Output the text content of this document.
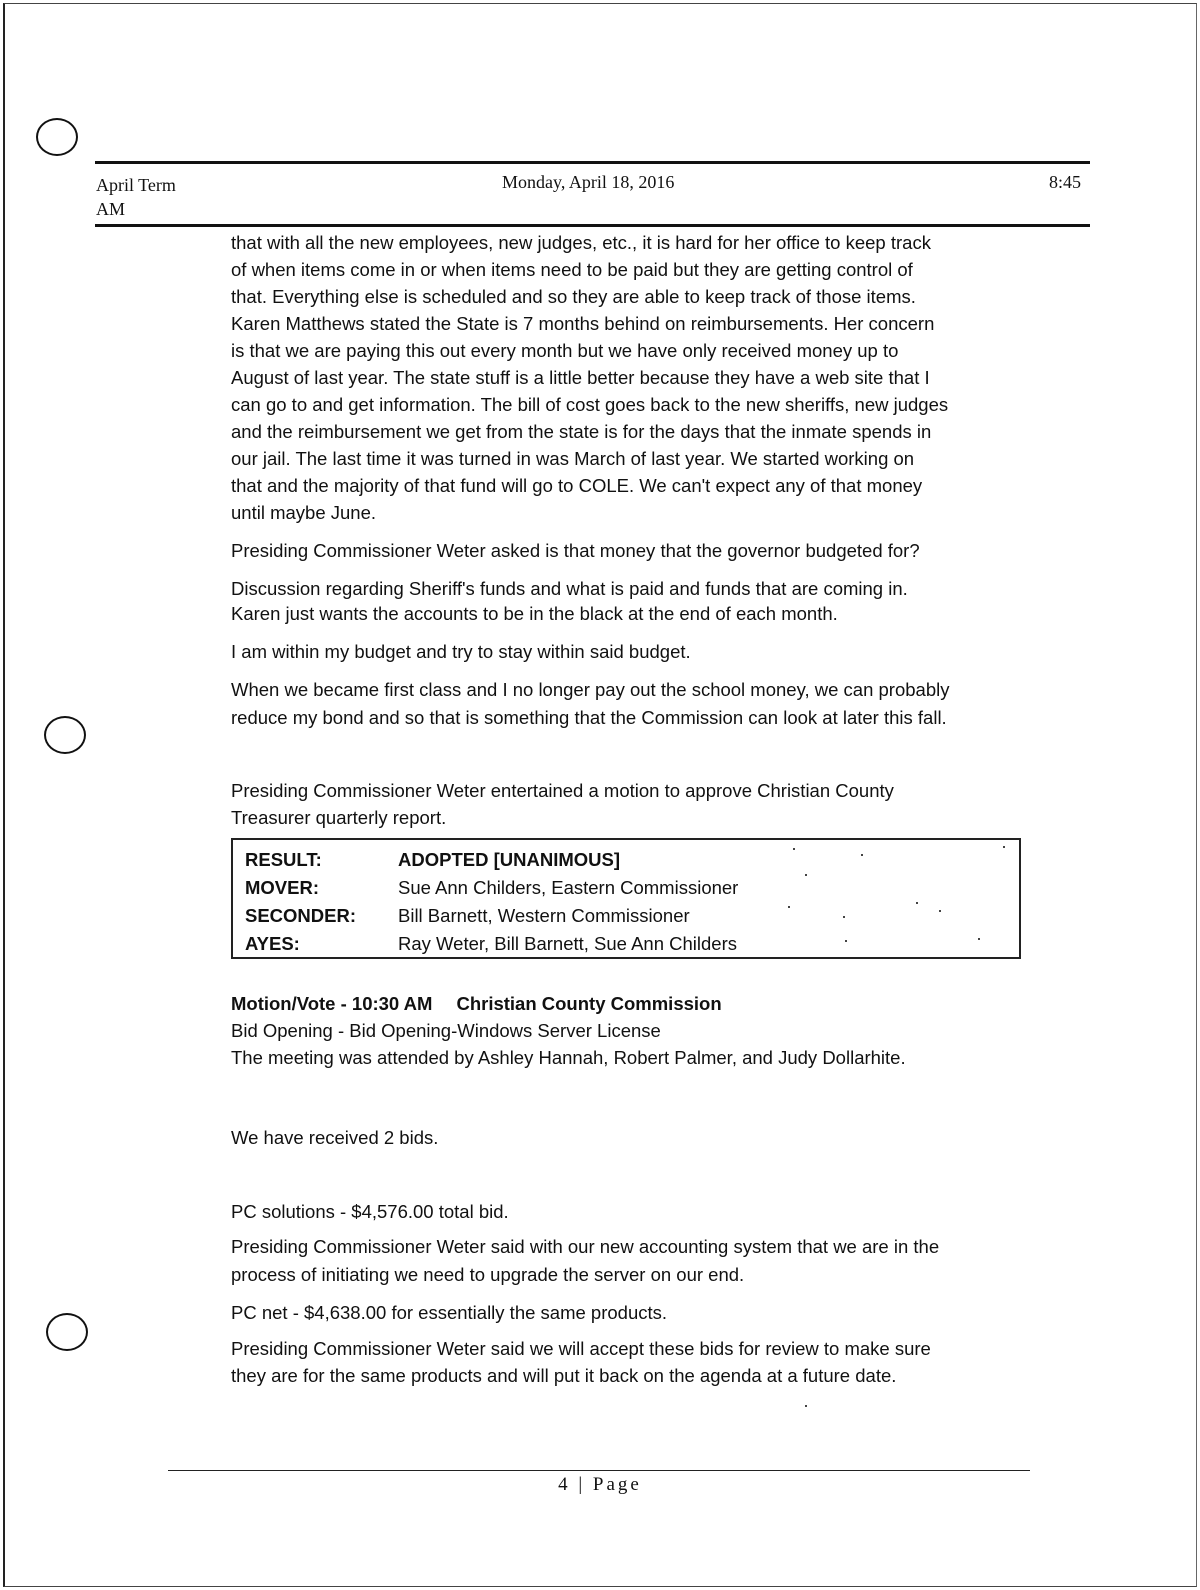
April Term
AM
Monday, April 18, 2016	8:45

that with all the new employees, new judges, etc., it is hard for her office to keep track

of when items come in or when items need to be paid but they are getting control of

that. Everything else is scheduled and so they are able to keep track of those items.

Karen Matthews stated the State is 7 months behind on reimbursements. Her concern

is that we are paying this out every month but we have only received money up to

August of last year. The state stuff is a little better because they have a web site that I

can go to and get information. The bill of cost goes back to the new sheriffs, new judges

and the reimbursement we get from the state is for the days that the inmate spends in

our jail. The last time it was turned in was March of last year. We started working on

that and the majority of that fund will go to COLE. We can't expect any of that money

until maybe June.

Presiding Commissioner Weter asked is that money that the governor budgeted for?

Discussion regarding Sheriff's funds and what is paid and funds that are coming in.

Karen just wants the accounts to be in the black at the end of each month.

I am within my budget and try to stay within said budget.

When we became first class and I no longer pay out the school money, we can probably

reduce my bond and so that is something that the Commission can look at later this fall.

Presiding Commissioner Weter entertained a motion to approve Christian County

Treasurer quarterly report.

RESULT:	ADOPTED [UNANIMOUS]
MOVER:	Sue Ann Childers, Eastern Commissioner
SECONDER: Bill Barnett, Western Commissioner
AYES:	Ray Weter, Bill Barnett, Sue Ann Childers
Motion/Vote - 10:30 AM Christian County Commission

Bid Opening - Bid Opening-Windows Server License

The meeting was attended by Ashley Hannah, Robert Palmer, and Judy Dollarhite.

We have received 2 bids.

PC solutions - $4,576.00 total bid.

Presiding Commissioner Weter said with our new accounting system that we are in the

process of initiating we need to upgrade the server on our end.

PC net - $4,638.00 for essentially the same products.

Presiding Commissioner Weter said we will accept these bids for review to make sure

they are for the same products and will put it back on the agenda at a future date.

4 | Page
